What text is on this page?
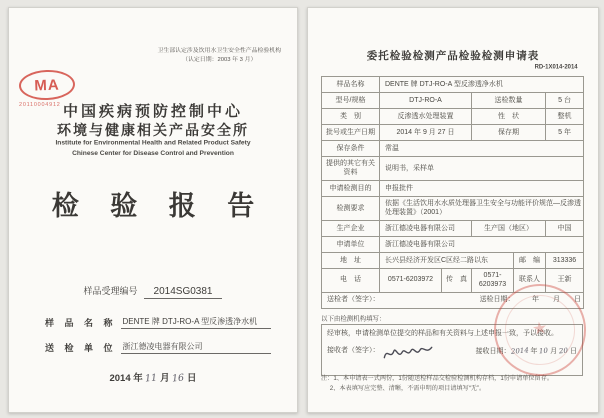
MA
20110004912
卫生部认定涉及饮用水卫生安全性产品检验机构
（认定日期：2003 年 3 月）
中国疾病预防控制中心
环境与健康相关产品安全所
Institute for Environmental Health and Related Product Safety
Chinese Center for Disease Control and Prevention
检 验 报 告
样品受理编号 2014SG0381
样 品 名 称 DENTE 牌 DTJ-RO-A 型反渗透净水机
送 检 单 位 浙江德凌电器有限公司
2014 年 11 月 16 日
委托检验检测产品检验检测申请表
RD-1X014-2014
样品名称	DENTE 牌 DTJ-RO-A 型反渗透净水机				
型号/规格	DTJ-RO-A		送检数量		5 台
类　别	反渗透水处理装置		性　状		整机
批号或生产日期	2014 年 9 月 27 日		保存期		5 年
保存条件	常温				
提供的其它有关资料	说明书，采样单				
申请检测目的	申报批件				
检测要求	依据《生活饮用水水质处理器卫生安全与功能评价规范—反渗透处理装置》（2001）				
生产企业	浙江德凌电器有限公司		生产国（地区）		中国
申请单位	浙江德凌电器有限公司				
地　址	长兴县经济开发区C区经二路以东			邮　编	313336
电　话	0571-6203972	传　真	0571-6203973	联系人	王新

送检者（签字）： 送检日期：　　　年　　月　　日					
以下由检测机构填写：
经审核，申请检测单位提交的样品和有关资料与上述申报一致，予以接收。
接收者（签字）：	接收日期：2014 年 10 月 20 日
注：1、本申请表一式两份，1份随送检样品交检验检测机构存档，1份申请单位留存。
2、本表填写应完整、清晰，不需申明的项目请填写“无”。
★
